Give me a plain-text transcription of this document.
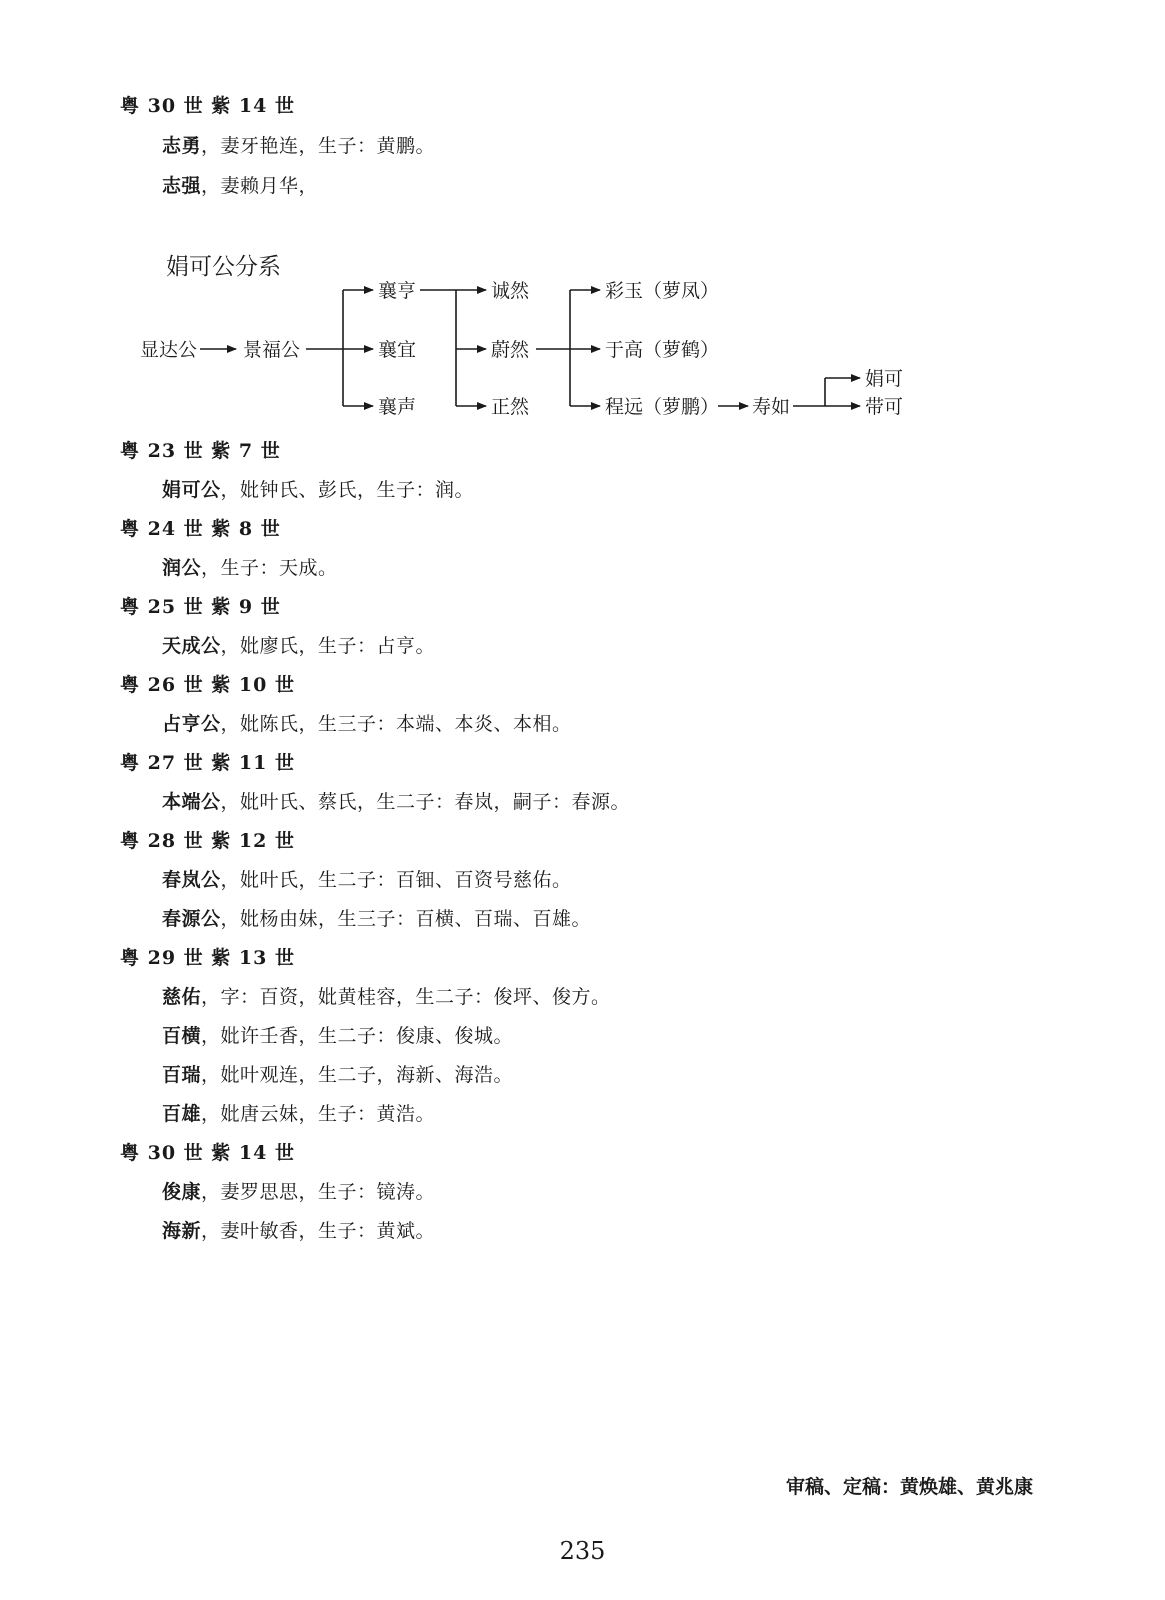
粤 30 世 紫 14 世
志勇，妻牙艳连，生子：黄鹏。
志强，妻赖月华，
娟可公分系
显达公 景福公
襄亨
襄宜
襄声
诚然
蔚然
正然
彩玉（萝凤）
于高（萝鹤）
程远（萝鹏） 寿如
娟可
带可
粤 23 世 紫 7 世
娟可公，妣钟氏、彭氏，生子：润。
粤 24 世 紫 8 世
润公，生子：天成。
粤 25 世 紫 9 世
天成公，妣廖氏，生子：占亨。
粤 26 世 紫 10 世
占亨公，妣陈氏，生三子：本端、本炎、本相。
粤 27 世 紫 11 世
本端公，妣叶氏、蔡氏，生二子：春岚，嗣子：春源。
粤 28 世 紫 12 世
春岚公，妣叶氏，生二子：百钿、百资号慈佑。
春源公，妣杨由妹，生三子：百横、百瑞、百雄。
粤 29 世 紫 13 世
慈佑，字：百资，妣黄桂容，生二子：俊坪、俊方。
百横，妣许壬香，生二子：俊康、俊城。
百瑞，妣叶观连，生二子，海新、海浩。
百雄，妣唐云妹，生子：黄浩。
粤 30 世 紫 14 世
俊康，妻罗思思，生子：镜涛。
海新，妻叶敏香，生子：黄斌。
审稿、定稿：黄焕雄、黄兆康
235
